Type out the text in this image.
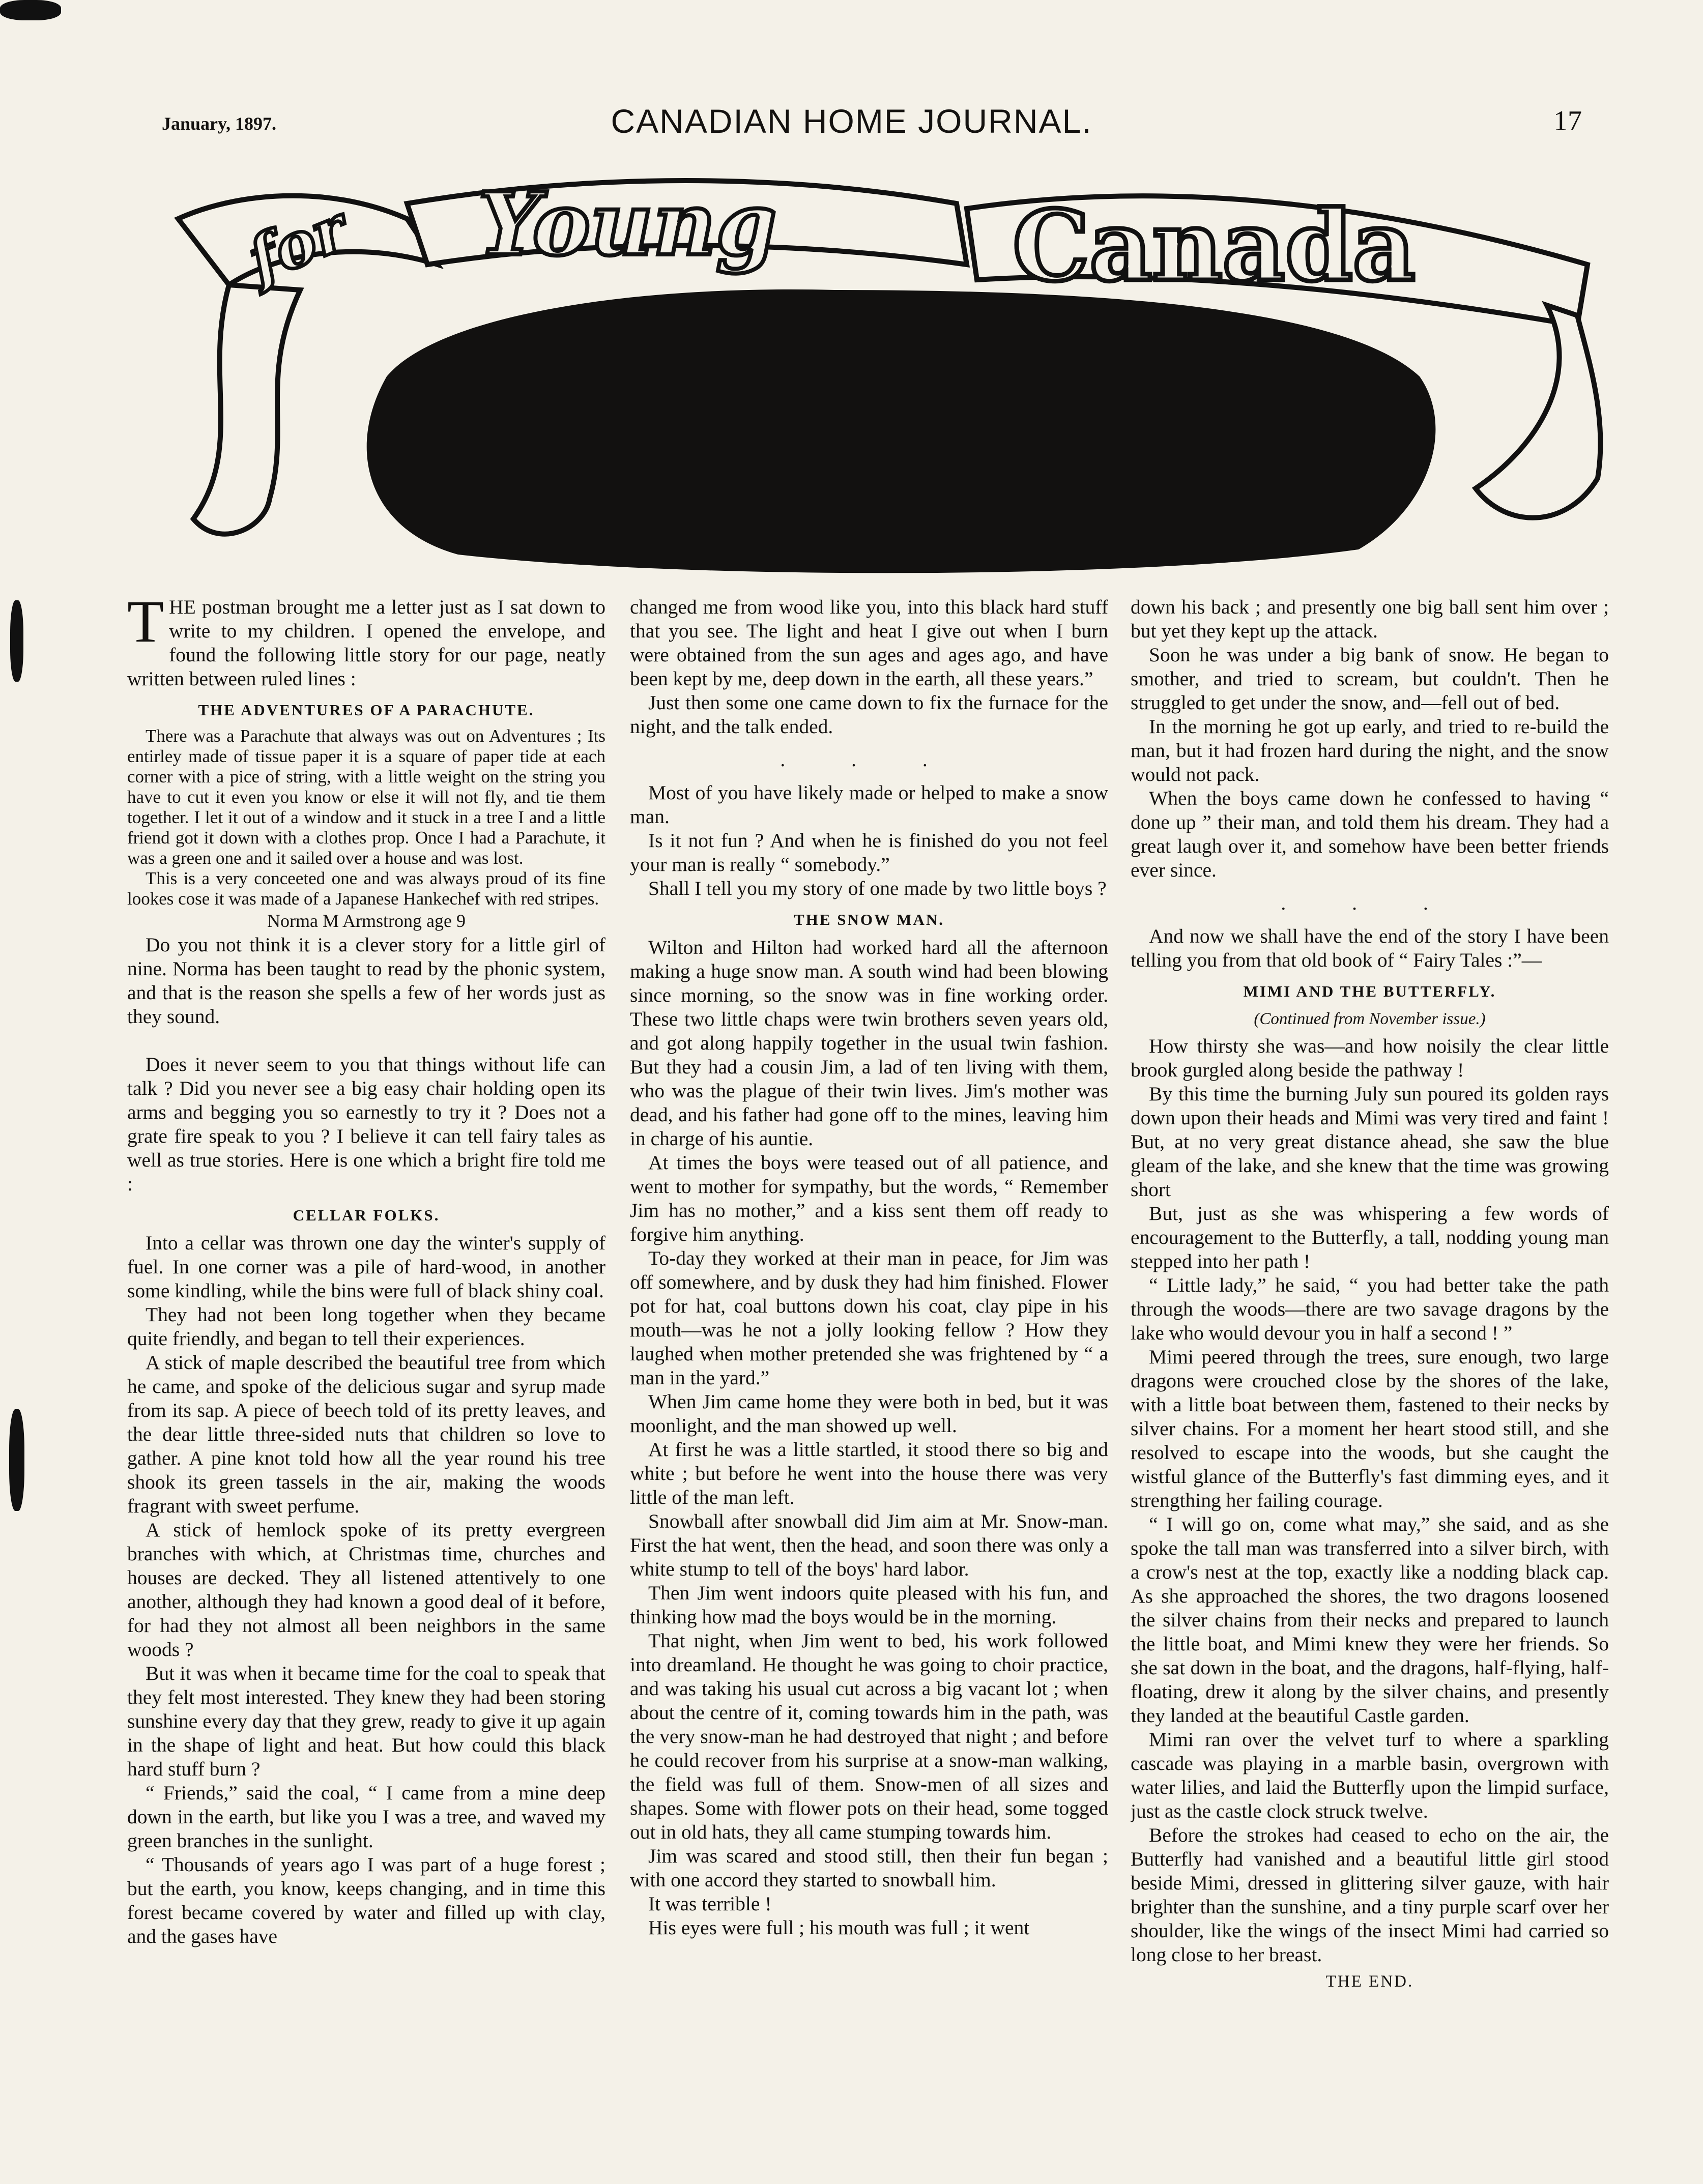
January, 1897.	CANADIAN HOME JOURNAL.	17
for Young Canada

THE postman brought me a letter just as I sat down to write to my children. I opened the envelope, and found the following little story for our page, neatly written between ruled lines :

THE ADVENTURES OF A PARACHUTE.

There was a Parachute that always was out on Adventures ; Its entirley made of tissue paper it is a square of paper tide at each corner with a pice of string, with a little weight on the string you have to cut it even you know or else it will not fly, and tie them together. I let it out of a window and it stuck in a tree I and a little friend got it down with a clothes prop. Once I had a Parachute, it was a green one and it sailed over a house and was lost.

This is a very conceeted one and was always proud of its fine lookes cose it was made of a Japanese Hankechef with red stripes.

Norma M Armstrong age 9

Do you not think it is a clever story for a little girl of nine. Norma has been taught to read by the phonic system, and that is the reason she spells a few of her words just as they sound.

Does it never seem to you that things without life can talk ? Did you never see a big easy chair holding open its arms and begging you so earnestly to try it ? Does not a grate fire speak to you ? I believe it can tell fairy tales as well as true stories. Here is one which a bright fire told me :

CELLAR FOLKS.

Into a cellar was thrown one day the winter's supply of fuel. In one corner was a pile of hard-wood, in another some kindling, while the bins were full of black shiny coal.

They had not been long together when they became quite friendly, and began to tell their experiences.

A stick of maple described the beautiful tree from which he came, and spoke of the delicious sugar and syrup made from its sap. A piece of beech told of its pretty leaves, and the dear little three-sided nuts that children so love to gather. A pine knot told how all the year round his tree shook its green tassels in the air, making the woods fragrant with sweet perfume.

A stick of hemlock spoke of its pretty evergreen branches with which, at Christmas time, churches and houses are decked. They all listened attentively to one another, although they had known a good deal of it before, for had they not almost all been neighbors in the same woods ?

But it was when it became time for the coal to speak that they felt most interested. They knew they had been storing sunshine every day that they grew, ready to give it up again in the shape of light and heat. But how could this black hard stuff burn ?

“ Friends,” said the coal, “ I came from a mine deep down in the earth, but like you I was a tree, and waved my green branches in the sunlight.

“ Thousands of years ago I was part of a huge forest ; but the earth, you know, keeps changing, and in time this forest became covered by water and filled up with clay, and the gases have

changed me from wood like you, into this black hard stuff that you see. The light and heat I give out when I burn were obtained from the sun ages and ages ago, and have been kept by me, deep down in the earth, all these years.”

Just then some one came down to fix the furnace for the night, and the talk ended.

. . .

Most of you have likely made or helped to make a snow man.

Is it not fun ? And when he is finished do you not feel your man is really “ somebody.”

Shall I tell you my story of one made by two little boys ?

THE SNOW MAN.

Wilton and Hilton had worked hard all the afternoon making a huge snow man. A south wind had been blowing since morning, so the snow was in fine working order. These two little chaps were twin brothers seven years old, and got along happily together in the usual twin fashion. But they had a cousin Jim, a lad of ten living with them, who was the plague of their twin lives. Jim's mother was dead, and his father had gone off to the mines, leaving him in charge of his auntie.

At times the boys were teased out of all patience, and went to mother for sympathy, but the words, “ Remember Jim has no mother,” and a kiss sent them off ready to forgive him anything.

To-day they worked at their man in peace, for Jim was off somewhere, and by dusk they had him finished. Flower pot for hat, coal buttons down his coat, clay pipe in his mouth—was he not a jolly looking fellow ? How they laughed when mother pretended she was frightened by “ a man in the yard.”

When Jim came home they were both in bed, but it was moonlight, and the man showed up well.

At first he was a little startled, it stood there so big and white ; but before he went into the house there was very little of the man left.

Snowball after snowball did Jim aim at Mr. Snow-man. First the hat went, then the head, and soon there was only a white stump to tell of the boys' hard labor.

Then Jim went indoors quite pleased with his fun, and thinking how mad the boys would be in the morning.

That night, when Jim went to bed, his work followed into dreamland. He thought he was going to choir practice, and was taking his usual cut across a big vacant lot ; when about the centre of it, coming towards him in the path, was the very snow-man he had destroyed that night ; and before he could recover from his surprise at a snow-man walking, the field was full of them. Snow-men of all sizes and shapes. Some with flower pots on their head, some togged out in old hats, they all came stumping towards him.

Jim was scared and stood still, then their fun began ; with one accord they started to snowball him.

It was terrible !

His eyes were full ; his mouth was full ; it went

down his back ; and presently one big ball sent him over ; but yet they kept up the attack.

Soon he was under a big bank of snow. He began to smother, and tried to scream, but couldn't. Then he struggled to get under the snow, and—fell out of bed.

In the morning he got up early, and tried to re-build the man, but it had frozen hard during the night, and the snow would not pack.

When the boys came down he confessed to having “ done up ” their man, and told them his dream. They had a great laugh over it, and somehow have been better friends ever since.

. . .

And now we shall have the end of the story I have been telling you from that old book of “ Fairy Tales :”—

MIMI AND THE BUTTERFLY.
(Continued from November issue.)

How thirsty she was—and how noisily the clear little brook gurgled along beside the pathway !

By this time the burning July sun poured its golden rays down upon their heads and Mimi was very tired and faint ! But, at no very great distance ahead, she saw the blue gleam of the lake, and she knew that the time was growing short

But, just as she was whispering a few words of encouragement to the Butterfly, a tall, nodding young man stepped into her path !

“ Little lady,” he said, “ you had better take the path through the woods—there are two savage dragons by the lake who would devour you in half a second ! ”

Mimi peered through the trees, sure enough, two large dragons were crouched close by the shores of the lake, with a little boat between them, fastened to their necks by silver chains. For a moment her heart stood still, and she resolved to escape into the woods, but she caught the wistful glance of the Butterfly's fast dimming eyes, and it strengthing her failing courage.

“ I will go on, come what may,” she said, and as she spoke the tall man was transferred into a silver birch, with a crow's nest at the top, exactly like a nodding black cap. As she approached the shores, the two dragons loosened the silver chains from their necks and prepared to launch the little boat, and Mimi knew they were her friends. So she sat down in the boat, and the dragons, half-flying, half-floating, drew it along by the silver chains, and presently they landed at the beautiful Castle garden.

Mimi ran over the velvet turf to where a sparkling cascade was playing in a marble basin, overgrown with water lilies, and laid the Butterfly upon the limpid surface, just as the castle clock struck twelve.

Before the strokes had ceased to echo on the air, the Butterfly had vanished and a beautiful little girl stood beside Mimi, dressed in glittering silver gauze, with hair brighter than the sunshine, and a tiny purple scarf over her shoulder, like the wings of the insect Mimi had carried so long close to her breast.

THE END.
